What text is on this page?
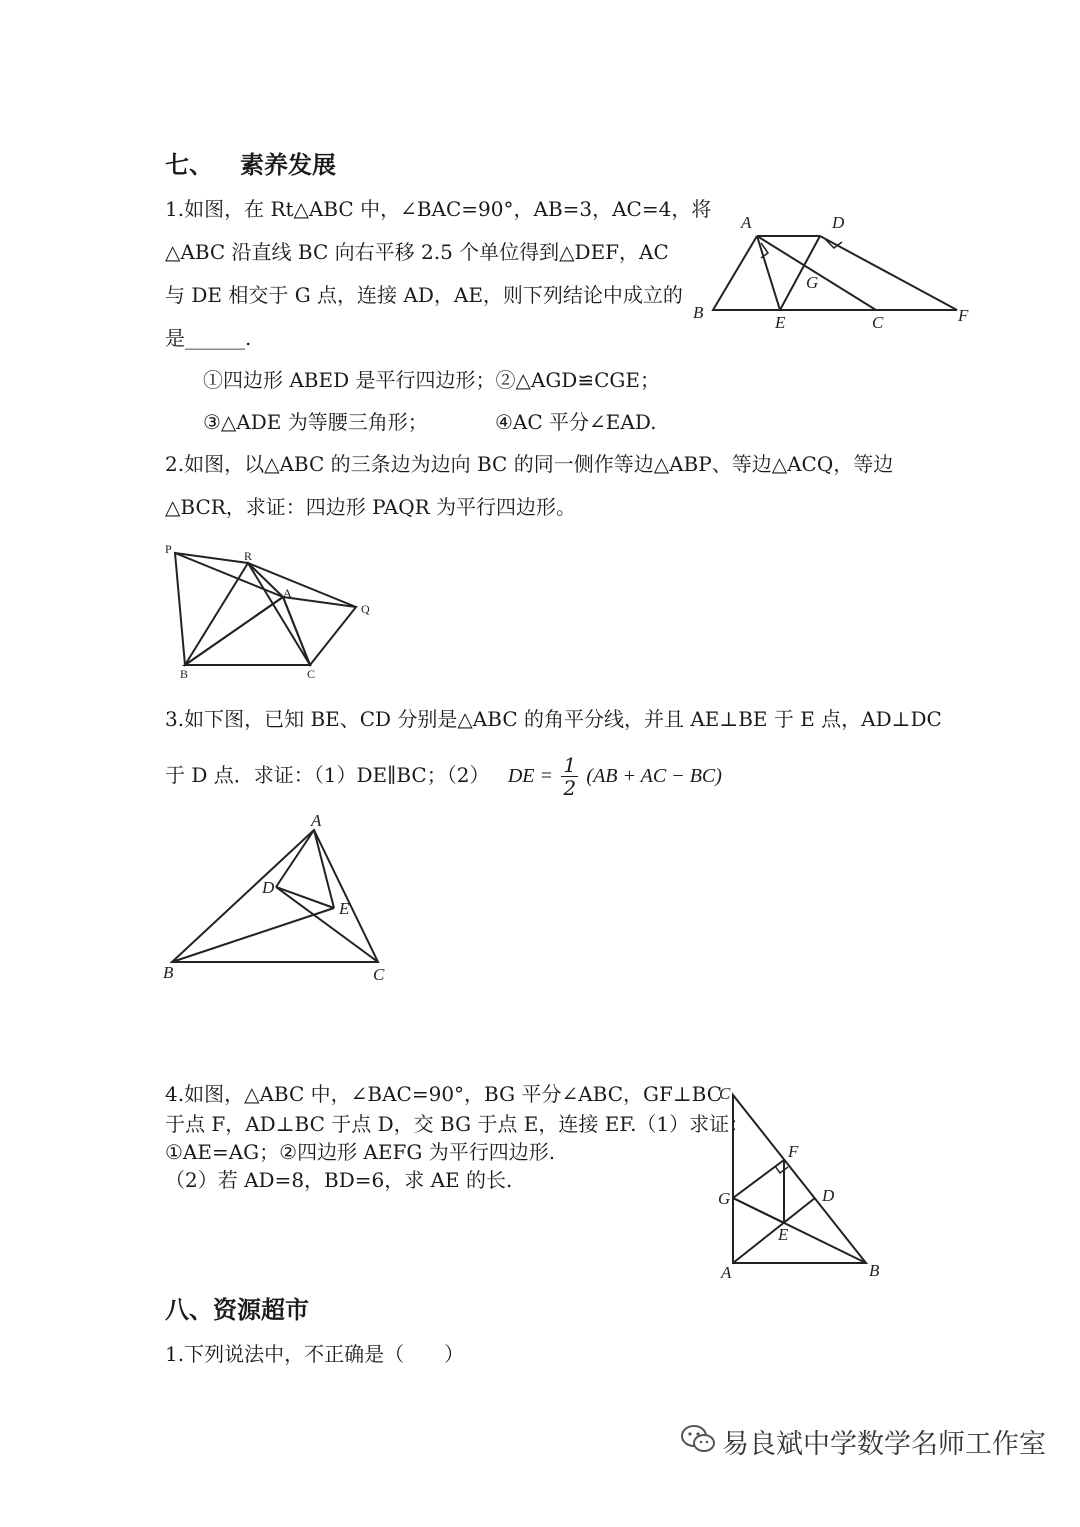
七、 素养发展
1.如图，在 Rt△ABC 中，∠BAC=90°，AB=3，AC=4，将
△ABC 沿直线 BC 向右平移 2.5 个单位得到△DEF，AC
与 DE 相交于 G 点，连接 AD，AE，则下列结论中成立的
是______.
①四边形 ABED 是平行四边形；②△AGD≌CGE；
③△ADE 为等腰三角形；	④AC 平分∠EAD.
A	D
G
B
E	C	F
2.如图，以△ABC 的三条边为边向 BC 的同一侧作等边△ABP、等边△ACQ，等边
△BCR，求证：四边形 PAQR 为平行四边形。
P	R
A
Q
B	C
3.如下图，已知 BE、CD 分别是△ABC 的角平分线，并且 AE⊥BE 于 E 点，AD⊥DC
于 D 点．求证：（1）DE∥BC；（2） DE = $\frac{1}{2} (AB$ + AC − BC)
A
D
E
B	C
4.如图，△ABC 中，∠BAC=90°，BG 平分∠ABC，GF⊥BC
于点 F，AD⊥BC 于点 D，交 BG 于点 E，连接 EF.（1）求证：
①AE=AG；②四边形 AEFG 为平行四边形.
（2）若 AD=8，BD=6，求 AE 的长.
C
F
G	D
E
A	B
八、资源超市
1.下列说法中，不正确是（　　）
易良斌中学数学名师工作室
